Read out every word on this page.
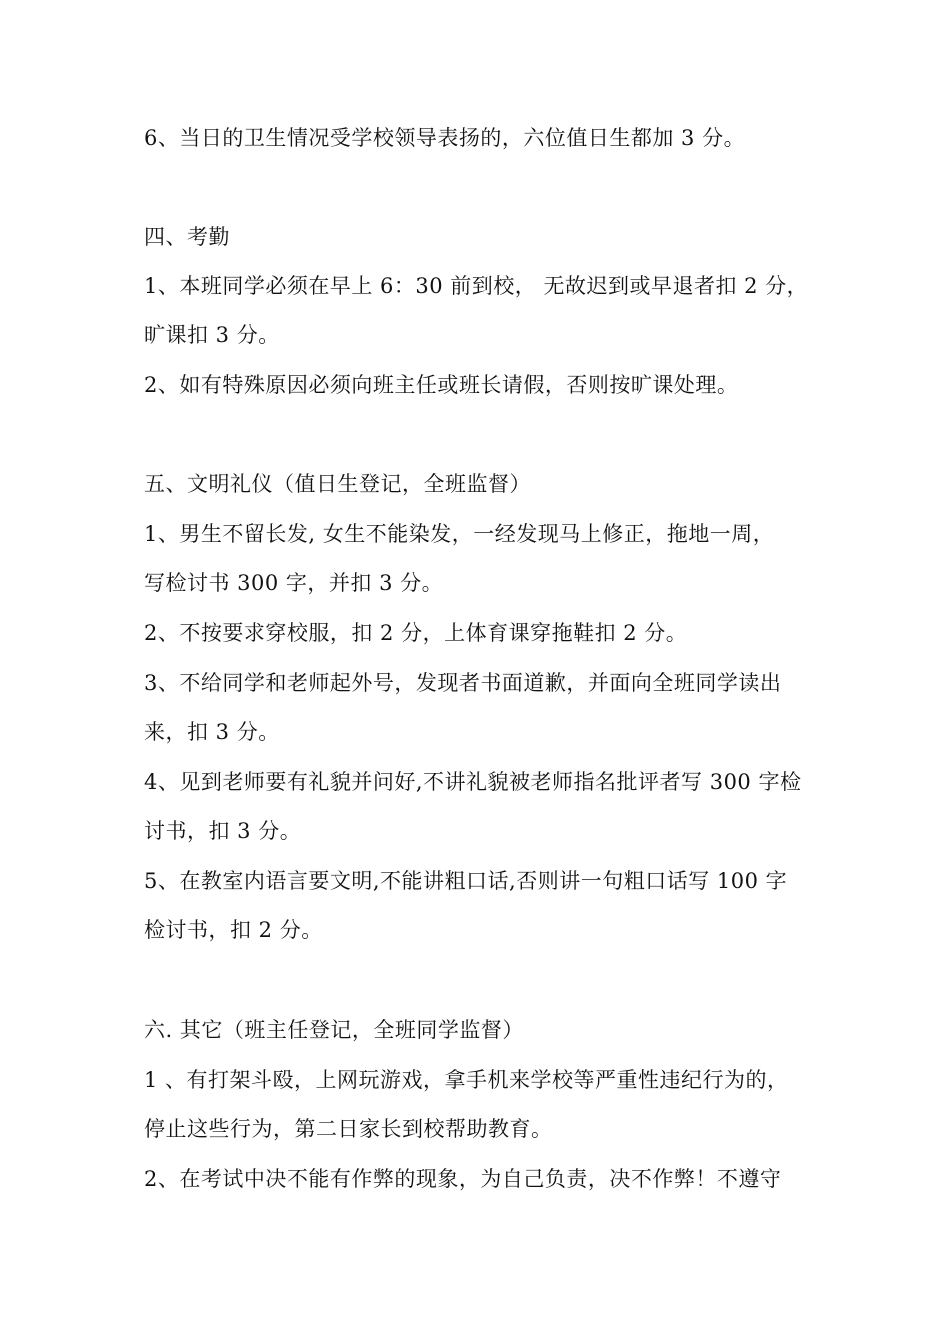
6、当日的卫生情况受学校领导表扬的，六位值日生都加 3 分。
四、考勤
1、本班同学必须在早上 6：30 前到校， 无故迟到或早退者扣 2 分，
旷课扣 3 分。
2、如有特殊原因必须向班主任或班长请假，否则按旷课处理。
五、文明礼仪（值日生登记，全班监督）
1、男生不留长发, 女生不能染发，一经发现马上修正，拖地一周，
写检讨书 300 字，并扣 3 分。
2、不按要求穿校服，扣 2 分，上体育课穿拖鞋扣 2 分。
3、不给同学和老师起外号，发现者书面道歉，并面向全班同学读出
来，扣 3 分。
4、见到老师要有礼貌并问好,不讲礼貌被老师指名批评者写 300 字检
讨书，扣 3 分。
5、在教室内语言要文明,不能讲粗口话,否则讲一句粗口话写 100 字
检讨书，扣 2 分。
六. 其它（班主任登记，全班同学监督）
1 、有打架斗殴，上网玩游戏，拿手机来学校等严重性违纪行为的，
停止这些行为，第二日家长到校帮助教育。
2、在考试中决不能有作弊的现象，为自己负责，决不作弊！不遵守
